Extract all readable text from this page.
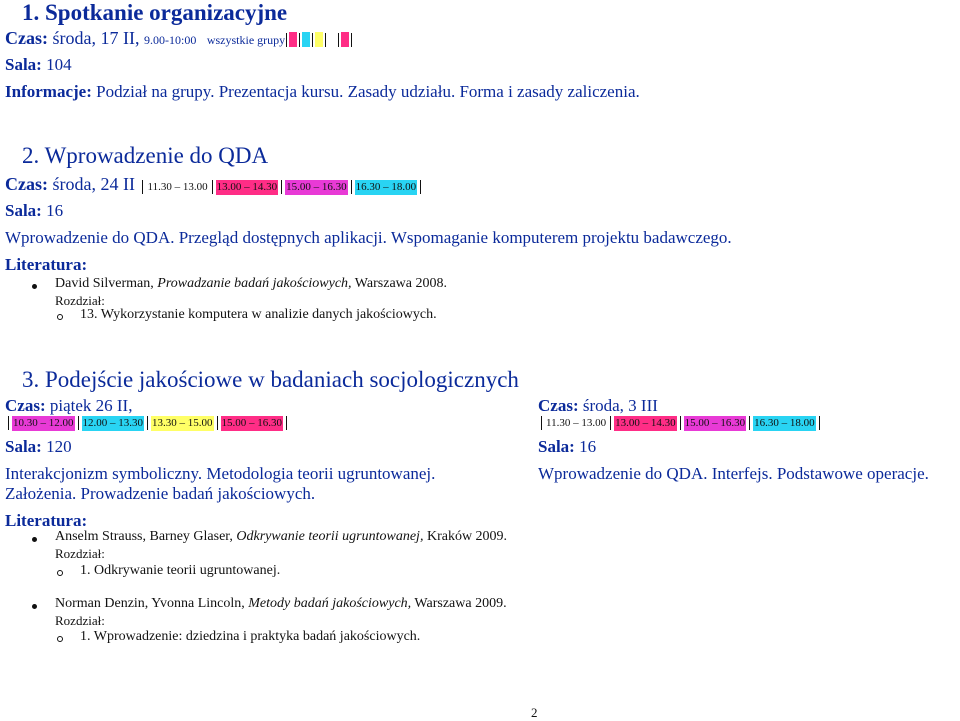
1. Spotkanie organizacyjne
Czas: środa, 17 II, 9.00-10:00 wszystkie grupy
Sala: 104
Informacje: Podział na grupy. Prezentacja kursu. Zasady udziału. Forma i zasady zaliczenia.
2. Wprowadzenie do QDA
Czas: środa, 24 II 11.30 – 13.00 13.00 – 14.30 15.00 – 16.30 16.30 – 18.00
Sala: 16
Wprowadzenie do QDA. Przegląd dostępnych aplikacji. Wspomaganie komputerem projektu badawczego.
Literatura:
David Silverman, Prowadzanie badań jakościowych, Warszawa 2008.
Rozdział:
13. Wykorzystanie komputera w analizie danych jakościowych.
3. Podejście jakościowe w badaniach socjologicznych
Czas: piątek 26 II,
10.30 – 12.00 12.00 – 13.30 13.30 – 15.00 15.00 – 16.30
Sala: 120
Interakcjonizm symboliczny. Metodologia teorii ugruntowanej.
Założenia. Prowadzenie badań jakościowych.
Czas: środa, 3 III
11.30 – 13.00 13.00 – 14.30 15.00 – 16.30 16.30 – 18.00
Sala: 16
Wprowadzenie do QDA. Interfejs. Podstawowe operacje.
Literatura:
Anselm Strauss, Barney Glaser, Odkrywanie teorii ugruntowanej, Kraków 2009.
Rozdział:
1. Odkrywanie teorii ugruntowanej.
Norman Denzin, Yvonna Lincoln, Metody badań jakościowych, Warszawa 2009.
Rozdział:
1. Wprowadzenie: dziedzina i praktyka badań jakościowych.
2
